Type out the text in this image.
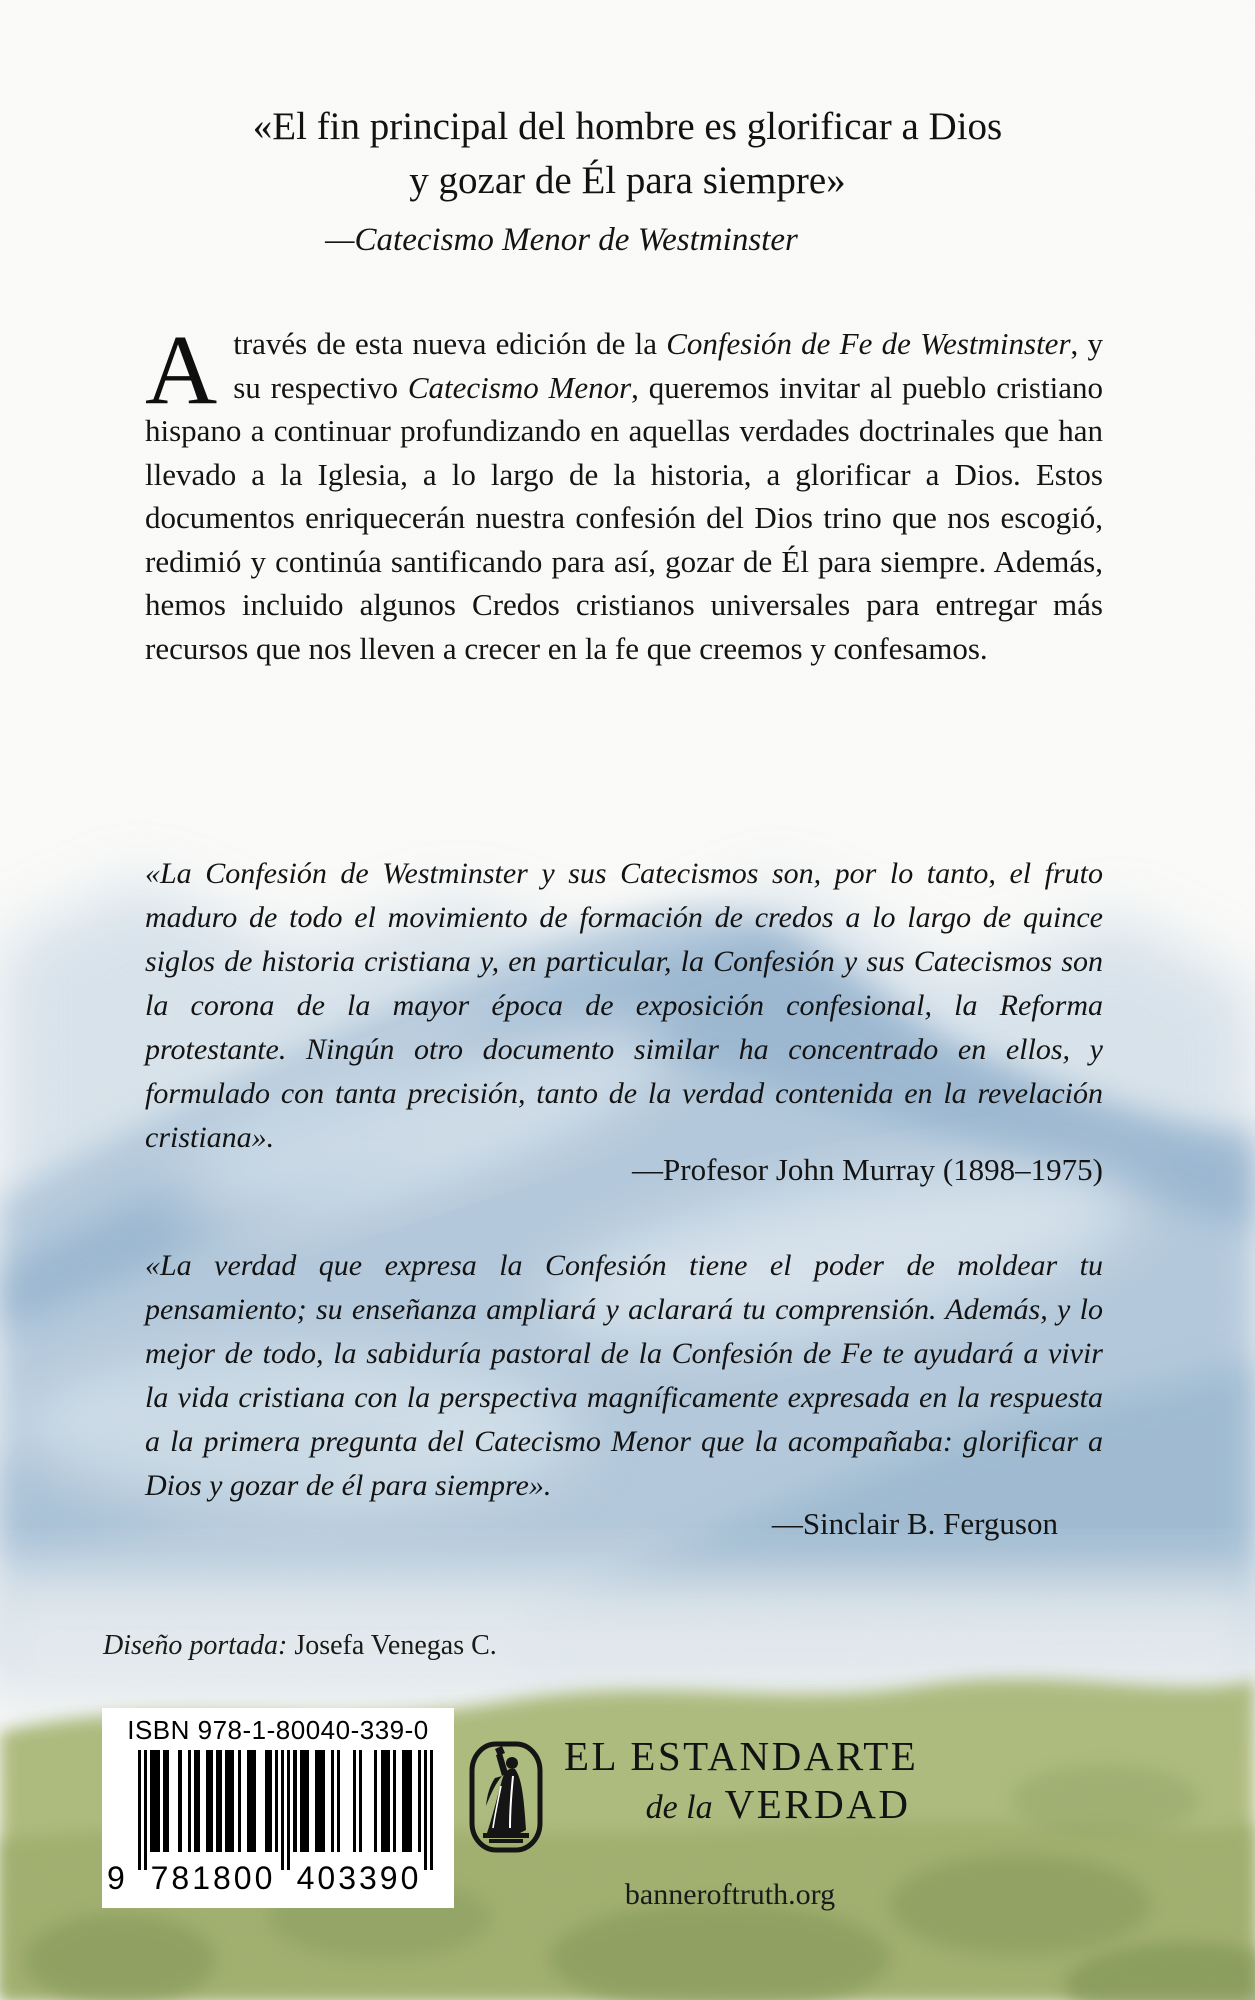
«El fin principal del hombre es glorificar a Dios
y gozar de Él para siempre»
—Catecismo Menor de Westminster
Através de esta nueva edición de la Confesión de Fe de Westminster, y su respectivo Catecismo Menor, queremos invitar al pueblo cristiano hispano a continuar profundizando en aquellas verdades doctrinales que han llevado a la Iglesia, a lo largo de la historia, a glorificar a Dios. Estos documentos enriquecerán nuestra confesión del Dios trino que nos escogió, redimió y continúa santificando para así, gozar de Él para siempre. Además, hemos incluido algunos Credos cristianos universales para entregar más recursos que nos lleven a crecer en la fe que creemos y confesamos.
«La Confesión de Westminster y sus Catecismos son, por lo tanto, el fruto maduro de todo el movimiento de formación de credos a lo largo de quince siglos de historia cristiana y, en particular, la Confesión y sus Catecismos son la corona de la mayor época de exposición confesional, la Reforma protestante. Ningún otro documento similar ha concentrado en ellos, y formulado con tanta precisión, tanto de la verdad contenida en la revelación cristiana».
—Profesor John Murray (1898–1975)
«La verdad que expresa la Confesión tiene el poder de moldear tu pensamiento; su enseñanza ampliará y aclarará tu comprensión. Además, y lo mejor de todo, la sabiduría pastoral de la Confesión de Fe te ayudará a vivir la vida cristiana con la perspectiva magníficamente expresada en la respuesta a la primera pregunta del Catecismo Menor que la acompañaba: glorificar a Dios y gozar de él para siempre».
—Sinclair B. Ferguson
Diseño portada: Josefa Venegas C.
ISBN 978-1-80040-339-0
9 781800 403390
EL ESTANDARTE
de la VERDAD
banneroftruth.org
